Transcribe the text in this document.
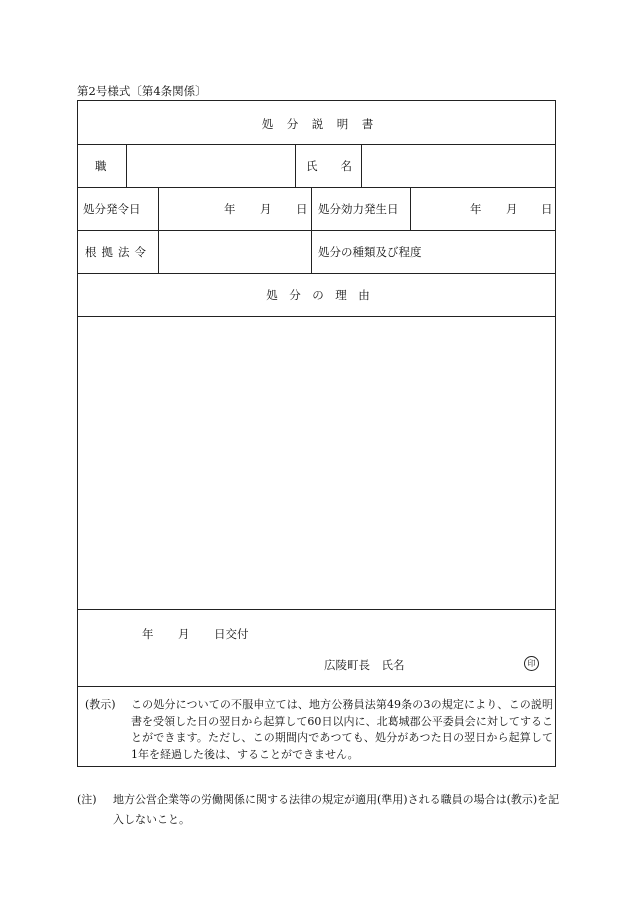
第2号様式〔第4条関係〕
処　分　説　明　書
職	氏　　名
処分発令日	年 月 日 処分効力発生日	年 月 日
根拠法令	処分の種類及び程度
処　分　の　理　由
年 月 日交付
広陵町長　氏名	印
(教示)	この処分についての不服申立ては、地方公務員法第49条の3の規定により、この説明書を受領した日の翌日から起算して60日以内に、北葛城郡公平委員会に対してすることができます。ただし、この期間内であつても、処分があつた日の翌日から起算して1年を経過した後は、することができません。
(注)	地方公営企業等の労働関係に関する法律の規定が適用(準用)される職員の場合は(教示)を記入しないこと。
